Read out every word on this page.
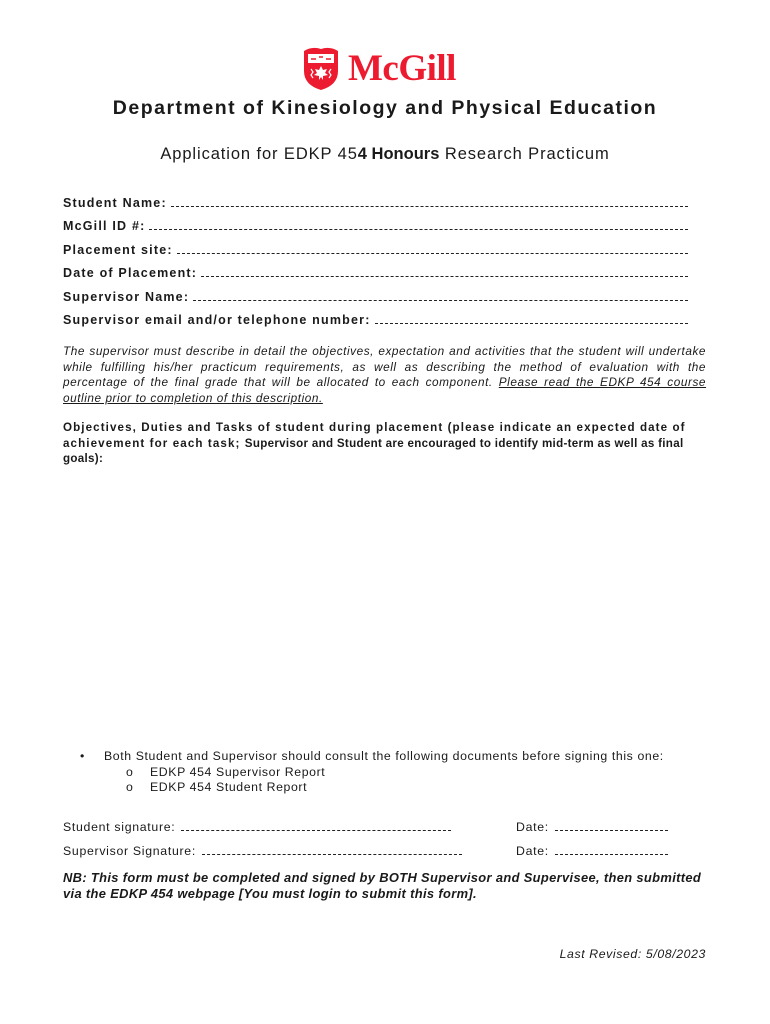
McGill
Department of Kinesiology and Physical Education
Application for EDKP 454 Honours Research Practicum
Student Name:
McGill ID #:
Placement site:
Date of Placement:
Supervisor Name:
Supervisor email and/or telephone number:
The supervisor must describe in detail the objectives, expectation and activities that the student will undertake while fulfilling his/her practicum requirements, as well as describing the method of evaluation with the percentage of the final grade that will be allocated to each component. Please read the EDKP 454 course outline prior to completion of this description.
Objectives, Duties and Tasks of student during placement (please indicate an expected date of achievement for each task; Supervisor and Student are encouraged to identify mid-term as well as final goals):
•	Both Student and Supervisor should consult the following documents before signing this one:
o	EDKP 454 Supervisor Report
o	EDKP 454 Student Report
Student signature:	Date:
Supervisor Signature:	Date:
NB: This form must be completed and signed by BOTH Supervisor and Supervisee, then submitted via the EDKP 454 webpage [You must login to submit this form].
Last Revised: 5/08/2023
